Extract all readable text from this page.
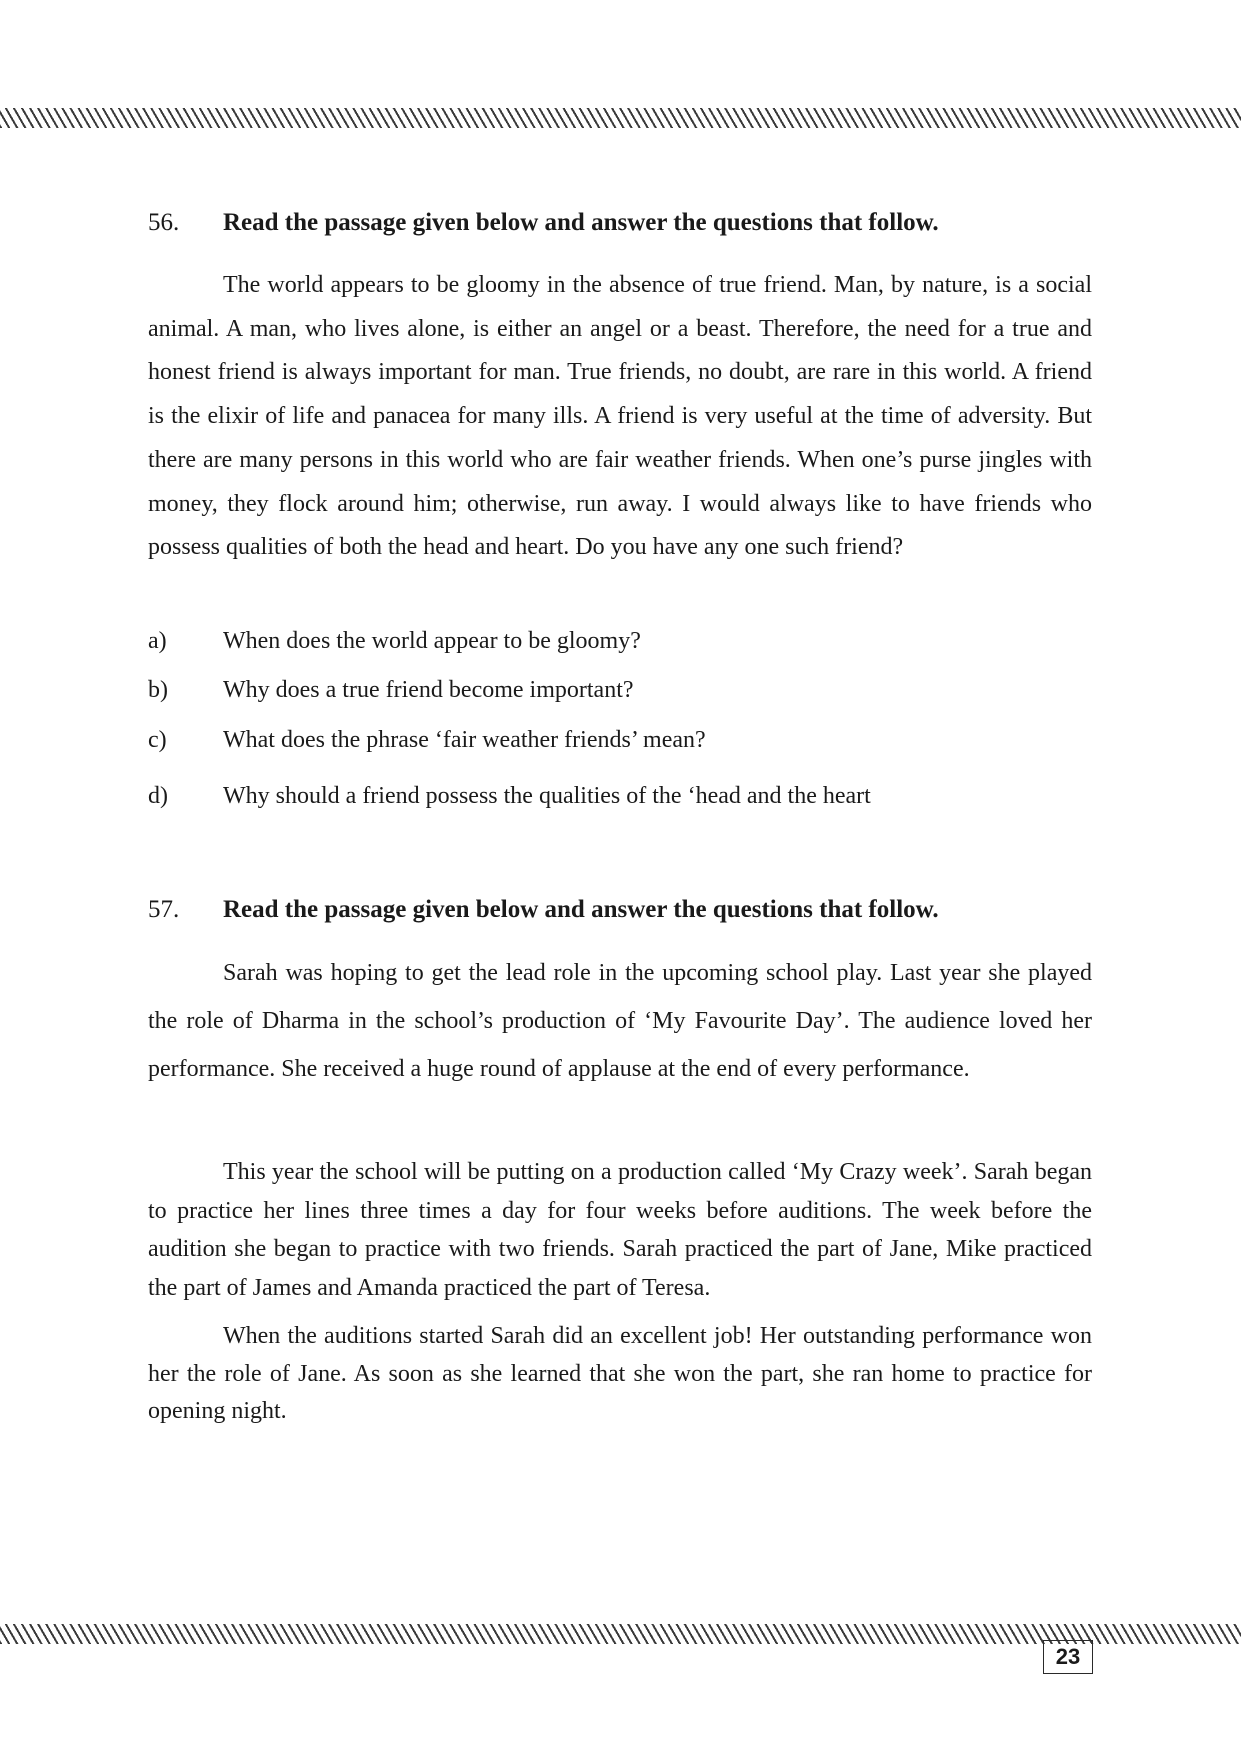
56. Read the passage given below and answer the questions that follow.

The world appears to be gloomy in the absence of true friend. Man, by nature, is a social animal. A man, who lives alone, is either an angel or a beast. Therefore, the need for a true and honest friend is always important for man. True friends, no doubt, are rare in this world. A friend is the elixir of life and panacea for many ills. A friend is very useful at the time of adversity. But there are many persons in this world who are fair weather friends. When one’s purse jingles with money, they flock around him; otherwise, run away. I would always like to have friends who possess qualities of both the head and heart. Do you have any one such friend?

a) When does the world appear to be gloomy?
b) Why does a true friend become important?
c) What does the phrase ‘fair weather friends’ mean?
d) Why should a friend possess the qualities of the ‘head and the heart
57. Read the passage given below and answer the questions that follow.

Sarah was hoping to get the lead role in the upcoming school play. Last year she played the role of Dharma in the school’s production of ‘My Favourite Day’. The audience loved her performance. She received a huge round of applause at the end of every performance.

This year the school will be putting on a production called ‘My Crazy week’. Sarah began to practice her lines three times a day for four weeks before auditions. The week before the audition she began to practice with two friends. Sarah practiced the part of Jane, Mike practiced the part of James and Amanda practiced the part of Teresa.

When the auditions started Sarah did an excellent job! Her outstanding performance won her the role of Jane. As soon as she learned that she won the part, she ran home to practice for opening night.

23
